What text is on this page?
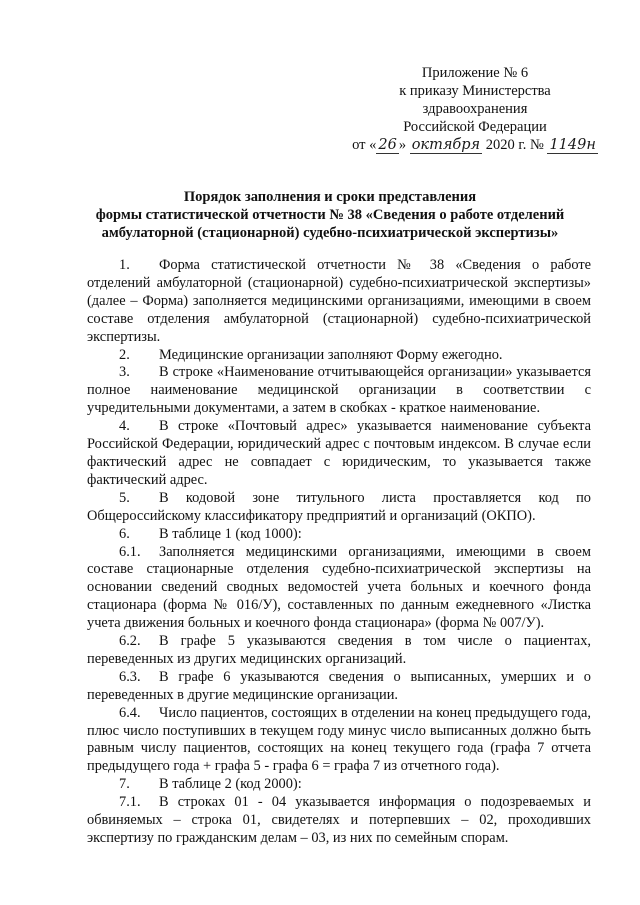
Приложение № 6
к приказу Министерства
здравоохранения
Российской Федерации
от « 26 » октября 2020 г. № 1149н
Порядок заполнения и сроки представления
формы статистической отчетности № 38 «Сведения о работе отделений
амбулаторной (стационарной) судебно-психиатрической экспертизы»

1. Форма статистической отчетности № 38 «Сведения о работе отделений амбулаторной (стационарной) судебно-психиатрической экспертизы» (далее – Форма) заполняется медицинскими организациями, имеющими в своем составе отделения амбулаторной (стационарной) судебно-психиатрической экспертизы.

2. Медицинские организации заполняют Форму ежегодно.

3. В строке «Наименование отчитывающейся организации» указывается полное наименование медицинской организации в соответствии с учредительными документами, а затем в скобках - краткое наименование.

4. В строке «Почтовый адрес» указывается наименование субъекта Российской Федерации, юридический адрес с почтовым индексом. В случае если фактический адрес не совпадает с юридическим, то указывается также фактический адрес.

5. В кодовой зоне титульного листа проставляется код по Общероссийскому классификатору предприятий и организаций (ОКПО).

6. В таблице 1 (код 1000):

6.1. Заполняется медицинскими организациями, имеющими в своем составе стационарные отделения судебно-психиатрической экспертизы на основании сведений сводных ведомостей учета больных и коечного фонда стационара (форма № 016/У), составленных по данным ежедневного «Листка учета движения больных и коечного фонда стационара» (форма № 007/У).

6.2. В графе 5 указываются сведения в том числе о пациентах, переведенных из других медицинских организаций.

6.3. В графе 6 указываются сведения о выписанных, умерших и о переведенных в другие медицинские организации.

6.4. Число пациентов, состоящих в отделении на конец предыдущего года, плюс число поступивших в текущем году минус число выписанных должно быть равным числу пациентов, состоящих на конец текущего года (графа 7 отчета предыдущего года + графа 5 - графа 6 = графа 7 из отчетного года).

7. В таблице 2 (код 2000):

7.1. В строках 01 - 04 указывается информация о подозреваемых и обвиняемых – строка 01, свидетелях и потерпевших – 02, проходивших экспертизу по гражданским делам – 03, из них по семейным спорам.
